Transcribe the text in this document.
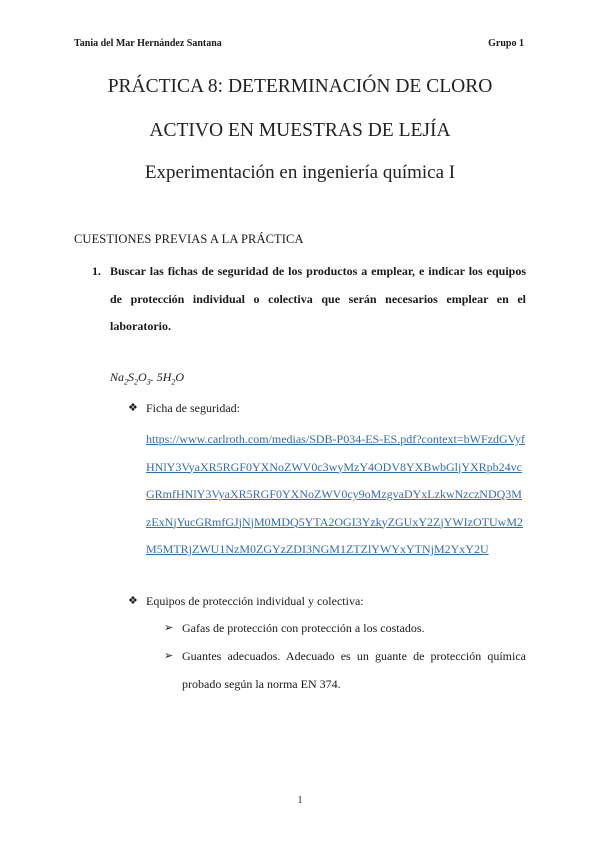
Tania del Mar Hernández Santana	Grupo 1
PRÁCTICA 8: DETERMINACIÓN DE CLORO
ACTIVO EN MUESTRAS DE LEJÍA
Experimentación en ingeniería química I
CUESTIONES PREVIAS A LA PRÁCTICA
1. Buscar las fichas de seguridad de los productos a emplear, e indicar los equipos de protección individual o colectiva que serán necesarios emplear en el laboratorio.
$Na_2S_2O_3$. $5H_2O$
❖ Ficha de seguridad:
https://www.carlroth.com/medias/SDB-P034-ES-ES.pdf?context=bWFzdGVyfHNlY3VyaXR5RGF0YXNoZWV0c3wyMzY4ODV8YXBwbGljYXRpb24vcGRmfHNlY3VyaXR5RGF0YXNoZWV0cy9oMzgvaDYxLzkwNzczNDQ3MzExNjYucGRmfGJjNjM0MDQ5YTA2OGI3YzkyZGUxY2ZjYWIzOTUwM2M5MTRjZWU1NzM0ZGYzZDI3NGM1ZTZlYWYxYTNjM2YxY2U
❖ Equipos de protección individual y colectiva:
➢ Gafas de protección con protección a los costados.
➢ Guantes adecuados. Adecuado es un guante de protección química probado según la norma EN 374.
1
